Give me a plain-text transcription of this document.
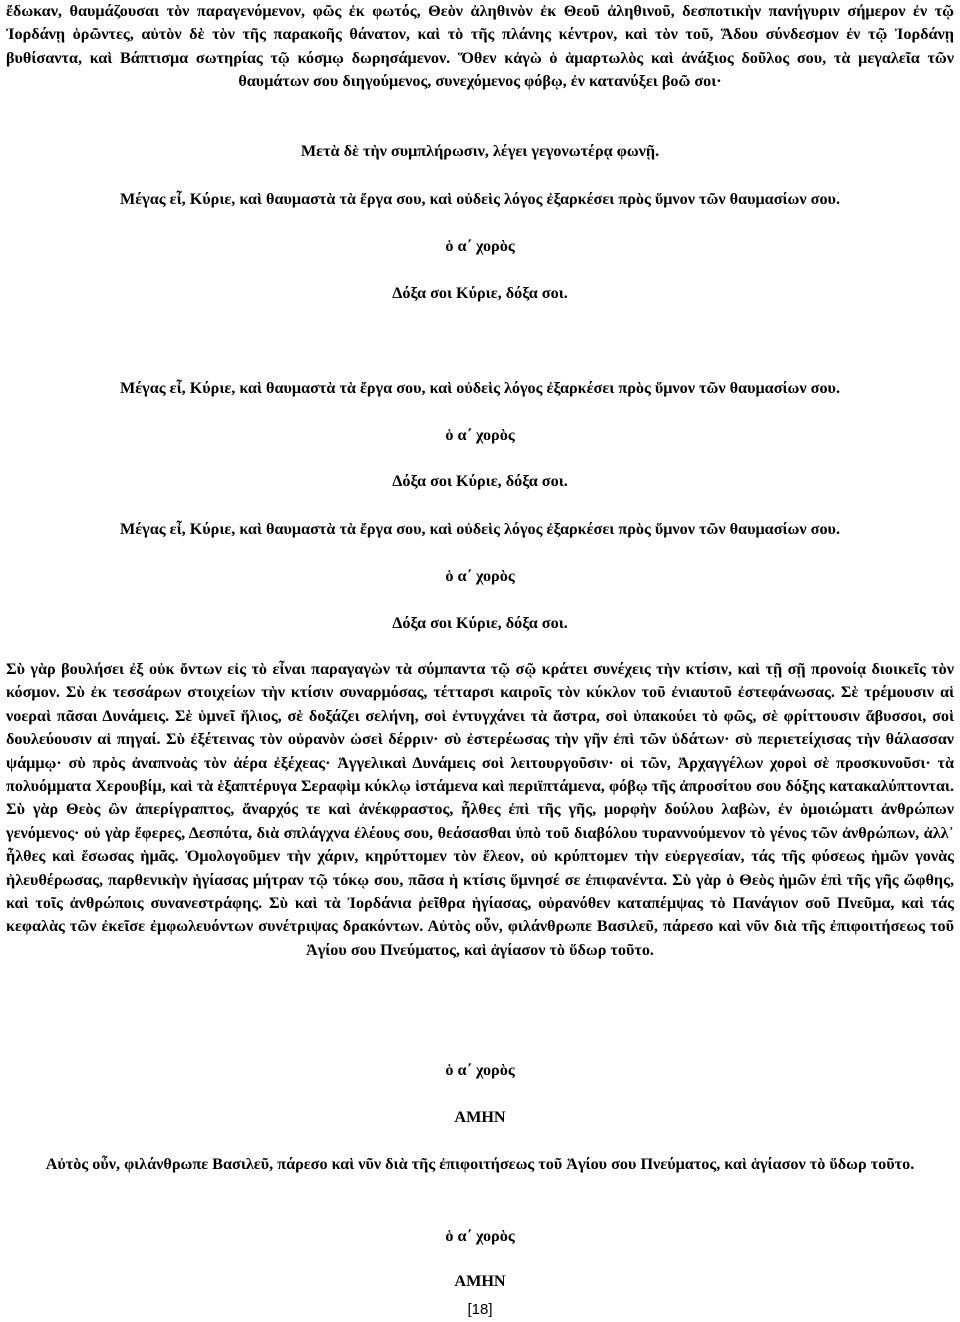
ἔδωκαν, θαυμάζουσαι τὸν παραγενόμενον, φῶς ἐκ φωτός, Θεὸν ἀληθινὸν ἐκ Θεοῦ ἀληθινοῦ, δεσποτικὴν πανήγυριν σήμερον ἐν τῷ Ἰορδάνῃ ὁρῶντες, αὐτὸν δὲ τὸν τῆς παρακοῆς θάνατον, καὶ τὸ τῆς πλάνης κέντρον, καὶ τὸν τοῦ, Ἅδου σύνδεσμον ἐν τῷ Ἰορδάνῃ βυθίσαντα, καὶ Βάπτισμα σωτηρίας τῷ κόσμῳ δωρησάμενον. Ὅθεν κἀγὼ ὁ ἁμαρτωλὸς καὶ ἀνάξιος δοῦλος σου, τὰ μεγαλεῖα τῶν θαυμάτων σου διηγούμενος, συνεχόμενος φόβῳ, ἐν κατανύξει βοῶ σοι·

Μετὰ δὲ τὴν συμπλήρωσιν, λέγει γεγονωτέρᾳ φωνῇ.

Μέγας εἶ, Κύριε, καὶ θαυμαστὰ τὰ ἔργα σου, καὶ οὐδεὶς λόγος ἐξαρκέσει πρὸς ὕμνον τῶν θαυμασίων σου.

ὁ α΄ χορὸς

Δόξα σοι Κύριε, δόξα σοι.

Μέγας εἶ, Κύριε, καὶ θαυμαστὰ τὰ ἔργα σου, καὶ οὐδεὶς λόγος ἐξαρκέσει πρὸς ὕμνον τῶν θαυμασίων σου.

ὁ α΄ χορὸς

Δόξα σοι Κύριε, δόξα σοι.

Μέγας εἶ, Κύριε, καὶ θαυμαστὰ τὰ ἔργα σου, καὶ οὐδεὶς λόγος ἐξαρκέσει πρὸς ὕμνον τῶν θαυμασίων σου.

ὁ α΄ χορὸς

Δόξα σοι Κύριε, δόξα σοι.

Σὺ γὰρ βουλήσει ἐξ οὐκ ὄντων εἰς τὸ εἶναι παραγαγὼν τὰ σύμπαντα τῷ σῷ κράτει συνέχεις τὴν κτίσιν, καὶ τῇ σῇ προνοίᾳ διοικεῖς τὸν κόσμον. Σὺ ἐκ τεσσάρων στοιχείων τὴν κτίσιν συναρμόσας, τέτταρσι καιροῖς τὸν κύκλον τοῦ ἐνιαυτοῦ ἐστεφάνωσας. Σὲ τρέμουσιν αἱ νοεραὶ πᾶσαι Δυνάμεις. Σὲ ὑμνεῖ ἥλιος, σὲ δοξάζει σελήνη, σοὶ ἐντυγχάνει τὰ ἄστρα, σοὶ ὑπακούει τὸ φῶς, σὲ φρίττουσιν ἄβυσσοι, σοὶ δουλεύουσιν αἱ πηγαί. Σὺ ἐξέτεινας τὸν οὐρανὸν ὡσεὶ δέρριν· σὺ ἐστερέωσας τὴν γῆν ἐπὶ τῶν ὑδάτων· σὺ περιετείχισας τὴν θάλασσαν ψάμμῳ· σὺ πρὸς ἀναπνοὰς τὸν ἀέρα ἐξέχεας· Ἀγγελικαὶ Δυνάμεις σοὶ λειτουργοῦσιν· οἱ τῶν, Ἀρχαγγέλων χοροὶ σὲ προσκυνοῦσι· τὰ πολυόμματα Χερουβίμ, καὶ τὰ ἑξαπτέρυγα Σεραφὶμ κύκλῳ ἱστάμενα καὶ περιϊπτάμενα, φόβῳ τῆς ἀπροσίτου σου δόξης κατακαλύπτονται. Σὺ γὰρ Θεὸς ὢν ἀπερίγραπτος, ἄναρχός τε καὶ ἀνέκφραστος, ἦλθες ἐπὶ τῆς γῆς, μορφὴν δούλου λαβὼν, ἐν ὁμοιώματι ἀνθρώπων γενόμενος· οὐ γὰρ ἔφερες, Δεσπότα, διὰ σπλάγχνα ἐλέους σου, θεάσασθαι ὑπὸ τοῦ διαβόλου τυραννούμενον τὸ γένος τῶν ἀνθρώπων, ἀλλ᾽ ἦλθες καὶ ἔσωσας ἡμᾶς. Ὁμολογοῦμεν τὴν χάριν, κηρύττομεν τὸν ἔλεον, οὐ κρύπτομεν τὴν εὐεργεσίαν, τάς τῆς φύσεως ἡμῶν γονὰς ἠλευθέρωσας, παρθενικὴν ἡγίασας μήτραν τῷ τόκῳ σου, πᾶσα ἡ κτίσις ὕμνησέ σε ἐπιφανέντα. Σὺ γὰρ ὁ Θεὸς ἡμῶν ἐπὶ τῆς γῆς ὤφθης, καὶ τοῖς ἀνθρώποις συνανεστράφης. Σὺ καὶ τὰ Ἰορδάνια ῥεῖθρα ἡγίασας, οὐρανόθεν καταπέμψας τὸ Πανάγιον σοῦ Πνεῦμα, καὶ τάς κεφαλὰς τῶν ἐκεῖσε ἐμφωλευόντων συνέτριψας δρακόντων. Αὐτὸς οὖν, φιλάνθρωπε Βασιλεῦ, πάρεσο καὶ νῦν διὰ τῆς ἐπιφοιτήσεως τοῦ Ἁγίου σου Πνεύματος, καὶ ἁγίασον τὸ ὕδωρ τοῦτο.

ὁ α΄ χορὸς

ΑΜΗΝ

Αὐτὸς οὖν, φιλάνθρωπε Βασιλεῦ, πάρεσο καὶ νῦν διὰ τῆς ἐπιφοιτήσεως τοῦ Ἁγίου σου Πνεύματος, καὶ ἁγίασον τὸ ὕδωρ τοῦτο.

ὁ α΄ χορὸς

ΑΜΗΝ

[18]
